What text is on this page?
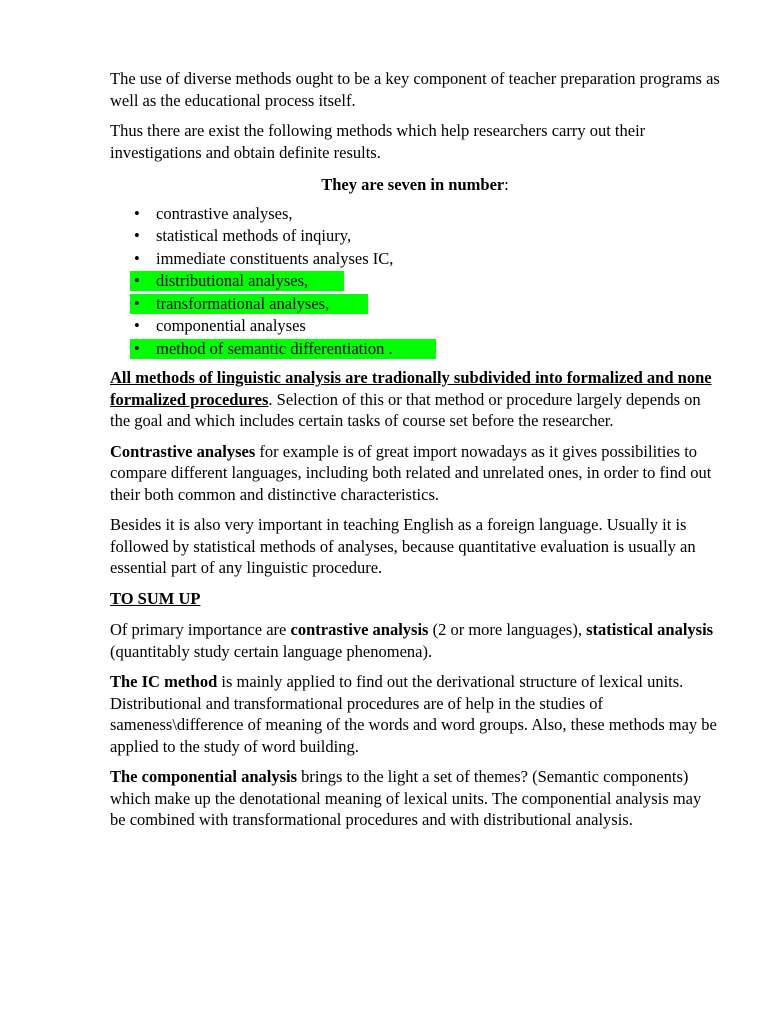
The use of diverse methods ought to be a key component of teacher preparation programs as well as the educational process itself.

Thus there are exist the following methods which help researchers carry out their investigations and obtain definite results.

They are seven in number:

• contrastive analyses,
• statistical methods of inqiury,
• immediate constituents analyses IC,
• distributional analyses,
• transformational analyses,
• componential analyses
• method of semantic differentiation .

All methods of linguistic analysis are tradionally subdivided into formalized and none formalized procedures. Selection of this or that method or procedure largely depends on the goal and which includes certain tasks of course set before the researcher.

Contrastive analyses for example is of great import nowadays as it gives possibilities to compare different languages, including both related and unrelated ones, in order to find out their both common and distinctive characteristics.

Besides it is also very important in teaching English as a foreign language. Usually it is followed by statistical methods of analyses, because quantitative evaluation is usually an essential part of any linguistic procedure.

TO SUM UP

Of primary importance are contrastive analysis (2 or more languages), statistical analysis (quantitably study certain language phenomena).

The IC method is mainly applied to find out the derivational structure of lexical units. Distributional and transformational procedures are of help in the studies of sameness\difference of meaning of the words and word groups. Also, these methods may be applied to the study of word building.

The componential analysis brings to the light a set of themes? (Semantic components) which make up the denotational meaning of lexical units. The componential analysis may be combined with transformational procedures and with distributional analysis.
